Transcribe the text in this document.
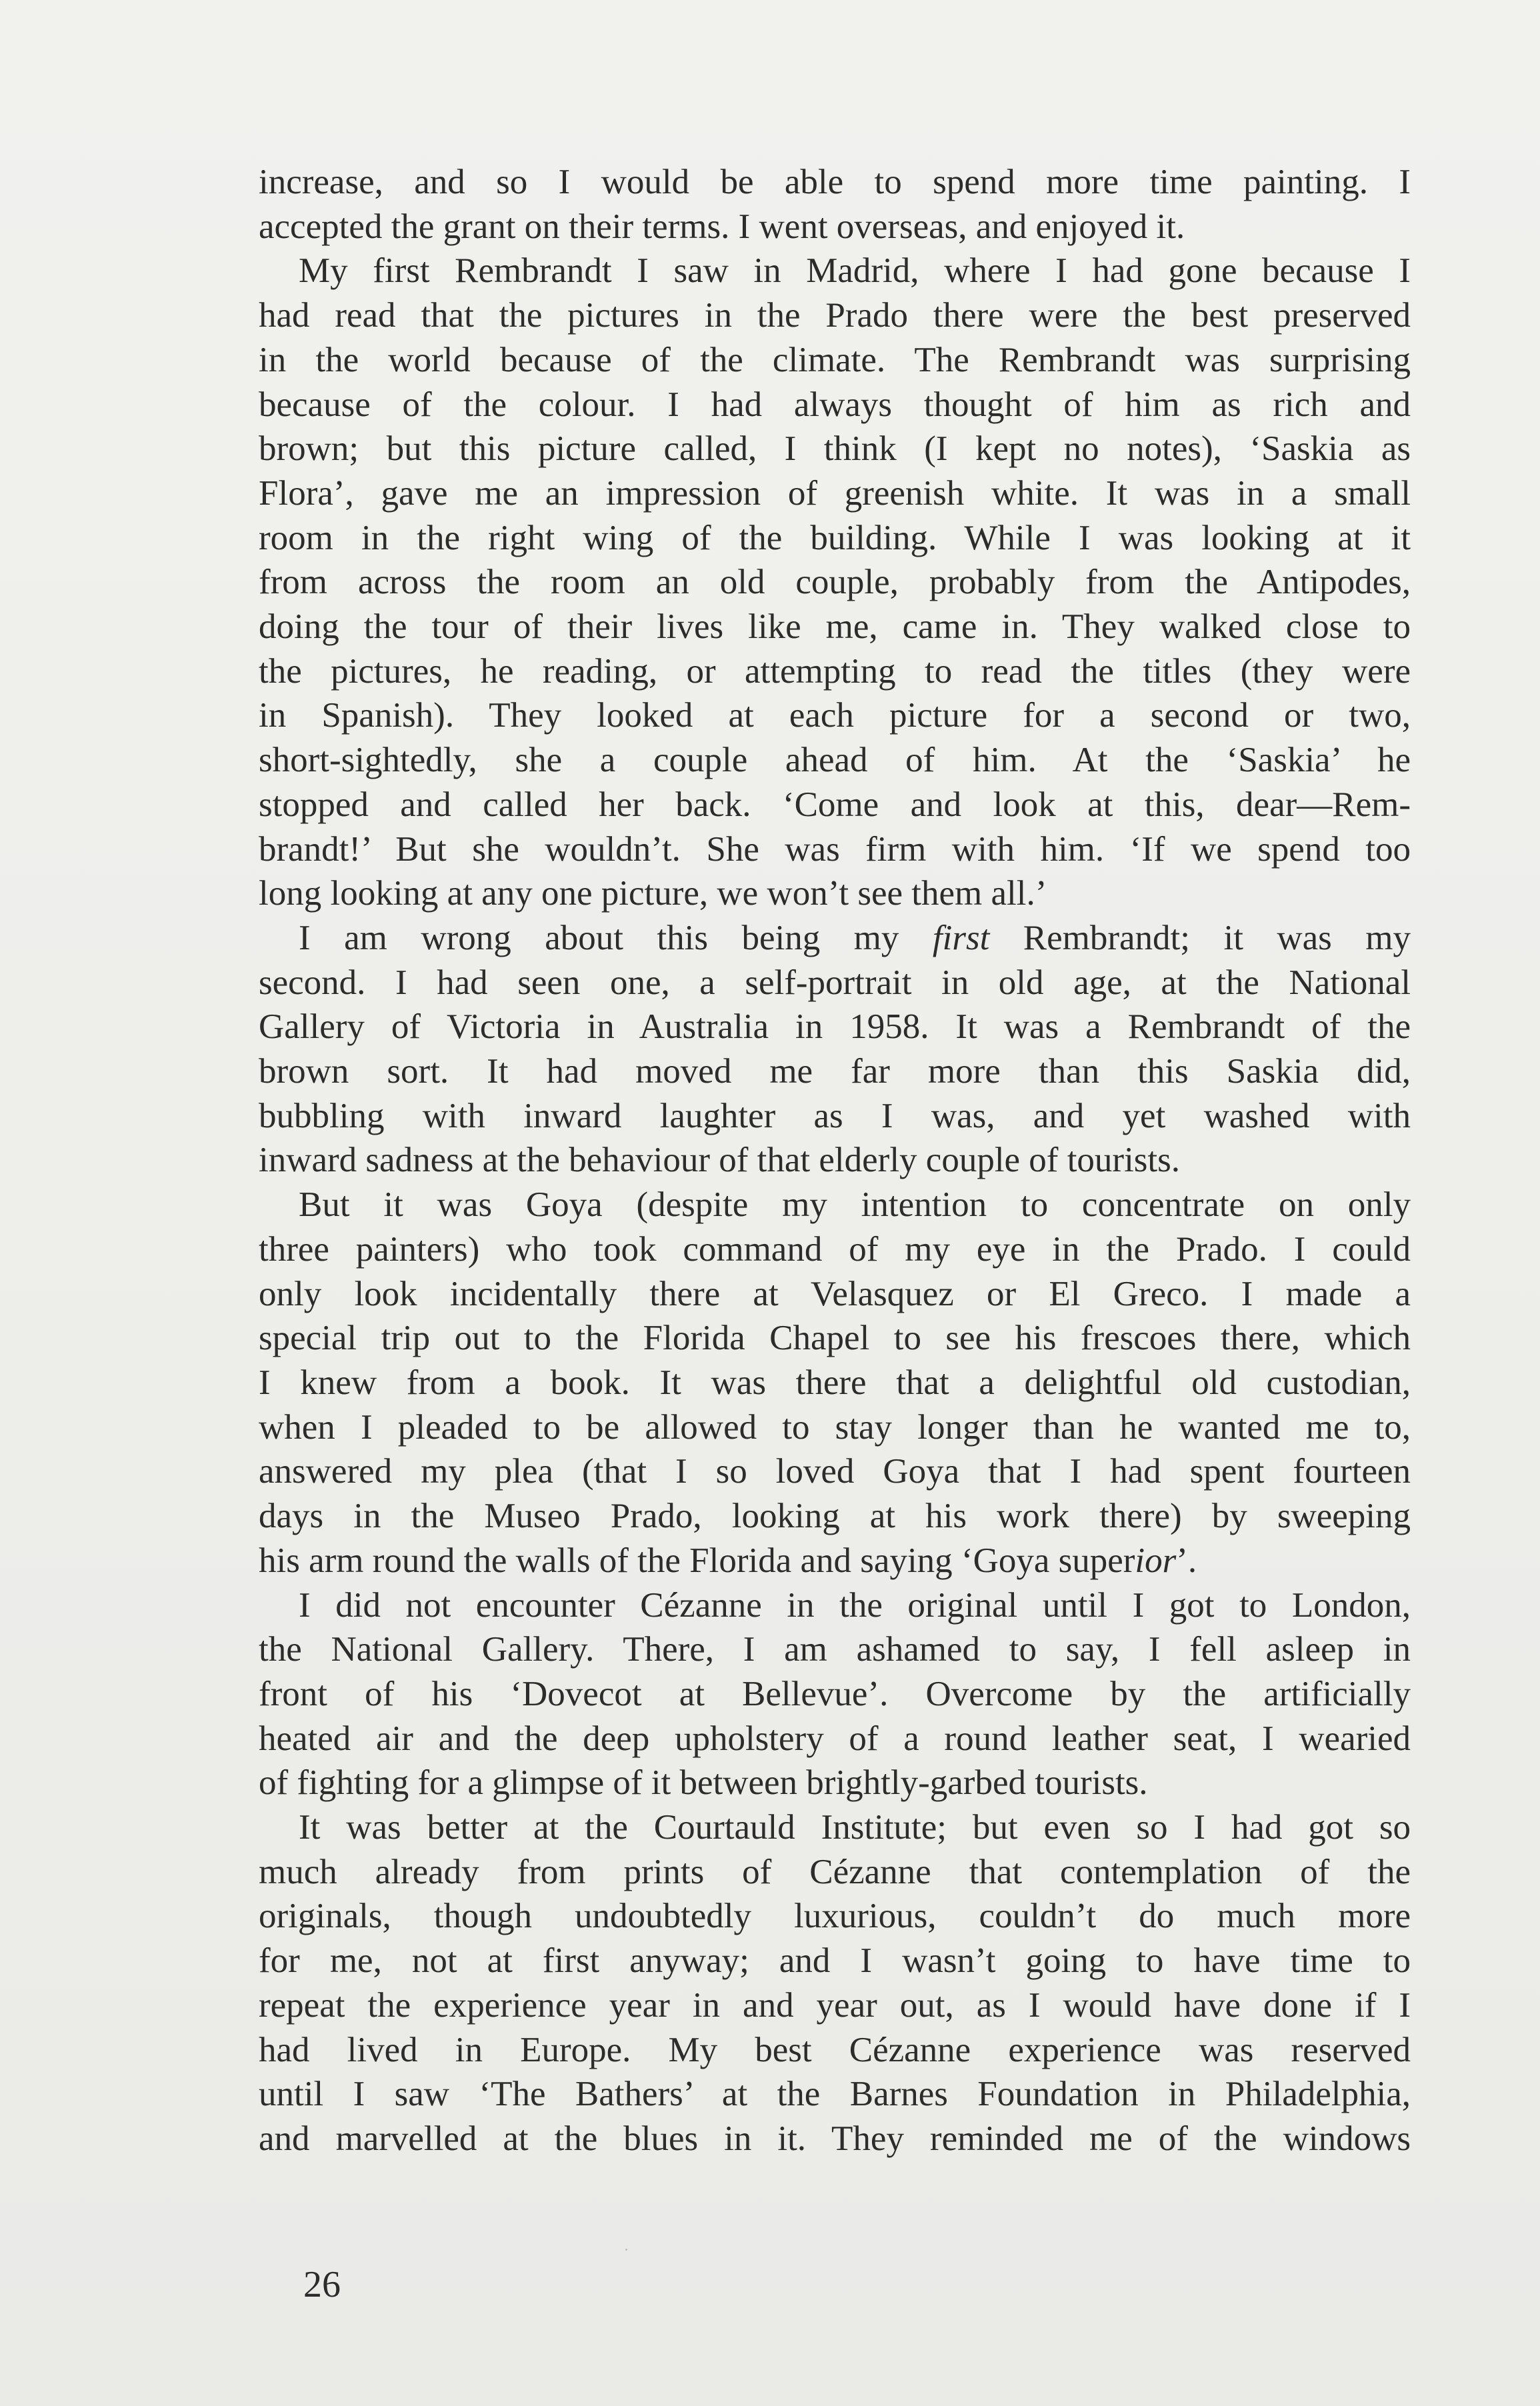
increase, and so I would be able to spend more time painting. I
accepted the grant on their terms. I went overseas, and enjoyed it.
My first Rembrandt I saw in Madrid, where I had gone because I
had read that the pictures in the Prado there were the best preserved
in the world because of the climate. The Rembrandt was surprising
because of the colour. I had always thought of him as rich and
brown; but this picture called, I think (I kept no notes), ‘Saskia as
Flora’, gave me an impression of greenish white. It was in a small
room in the right wing of the building. While I was looking at it
from across the room an old couple, probably from the Antipodes,
doing the tour of their lives like me, came in. They walked close to
the pictures, he reading, or attempting to read the titles (they were
in Spanish). They looked at each picture for a second or two,
short-sightedly, she a couple ahead of him. At the ‘Saskia’ he
stopped and called her back. ‘Come and look at this, dear—Rem-
brandt!’ But she wouldn’t. She was firm with him. ‘If we spend too
long looking at any one picture, we won’t see them all.’
I am wrong about this being my first Rembrandt; it was my
second. I had seen one, a self-portrait in old age, at the National
Gallery of Victoria in Australia in 1958. It was a Rembrandt of the
brown sort. It had moved me far more than this Saskia did,
bubbling with inward laughter as I was, and yet washed with
inward sadness at the behaviour of that elderly couple of tourists.
But it was Goya (despite my intention to concentrate on only
three painters) who took command of my eye in the Prado. I could
only look incidentally there at Velasquez or El Greco. I made a
special trip out to the Florida Chapel to see his frescoes there, which
I knew from a book. It was there that a delightful old custodian,
when I pleaded to be allowed to stay longer than he wanted me to,
answered my plea (that I so loved Goya that I had spent fourteen
days in the Museo Prado, looking at his work there) by sweeping
his arm round the walls of the Florida and saying ‘Goya superior’.
I did not encounter Cézanne in the original until I got to London,
the National Gallery. There, I am ashamed to say, I fell asleep in
front of his ‘Dovecot at Bellevue’. Overcome by the artificially
heated air and the deep upholstery of a round leather seat, I wearied
of fighting for a glimpse of it between brightly-garbed tourists.
It was better at the Courtauld Institute; but even so I had got so
much already from prints of Cézanne that contemplation of the
originals, though undoubtedly luxurious, couldn’t do much more
for me, not at first anyway; and I wasn’t going to have time to
repeat the experience year in and year out, as I would have done if I
had lived in Europe. My best Cézanne experience was reserved
until I saw ‘The Bathers’ at the Barnes Foundation in Philadelphia,
and marvelled at the blues in it. They reminded me of the windows
26
